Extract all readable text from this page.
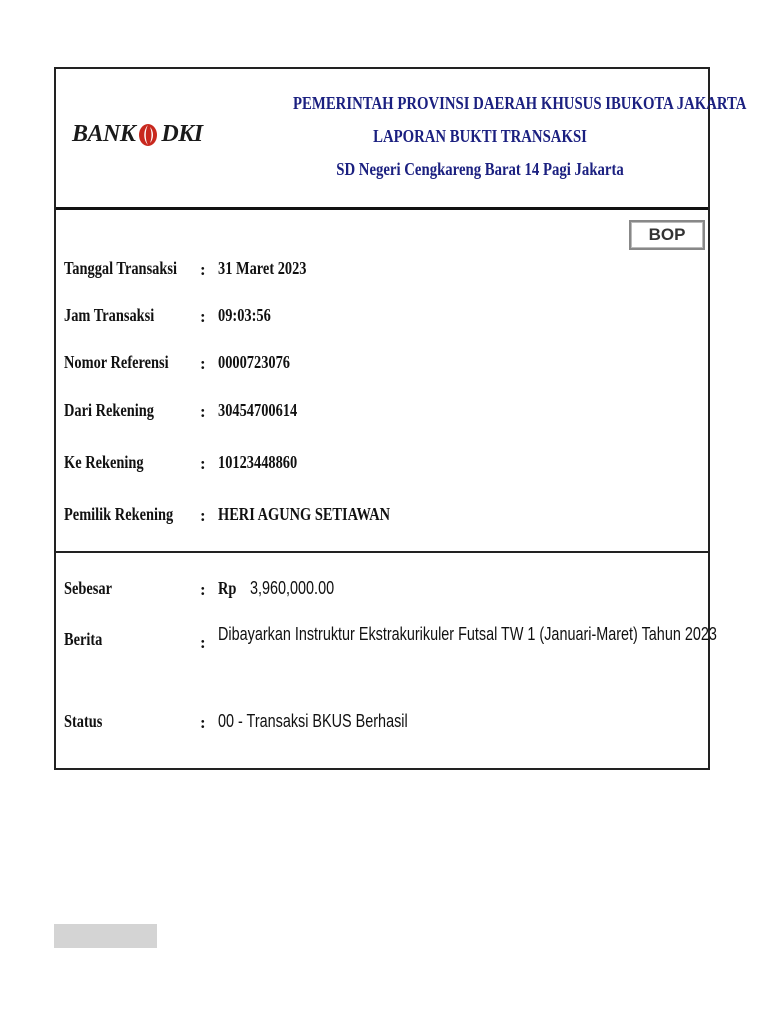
BANK DKI
PEMERINTAH PROVINSI DAERAH KHUSUS IBUKOTA JAKARTA
LAPORAN BUKTI TRANSAKSI
SD Negeri Cengkareng Barat 14 Pagi Jakarta
BOP
Tanggal Transaksi : 31 Maret 2023
Jam Transaksi	: 09:03:56
Nomor Referensi : 0000723076
Dari Rekening	: 30454700614
Ke Rekening	: 10123448860
Pemilik Rekening : HERI AGUNG SETIAWAN
Sebesar	: Rp 3,960,000.00
Berita	: Dibayarkan Instruktur Ekstrakurikuler Futsal TW 1 (Januari-Maret) Tahun 2023
Status	: 00 - Transaksi BKUS Berhasil
